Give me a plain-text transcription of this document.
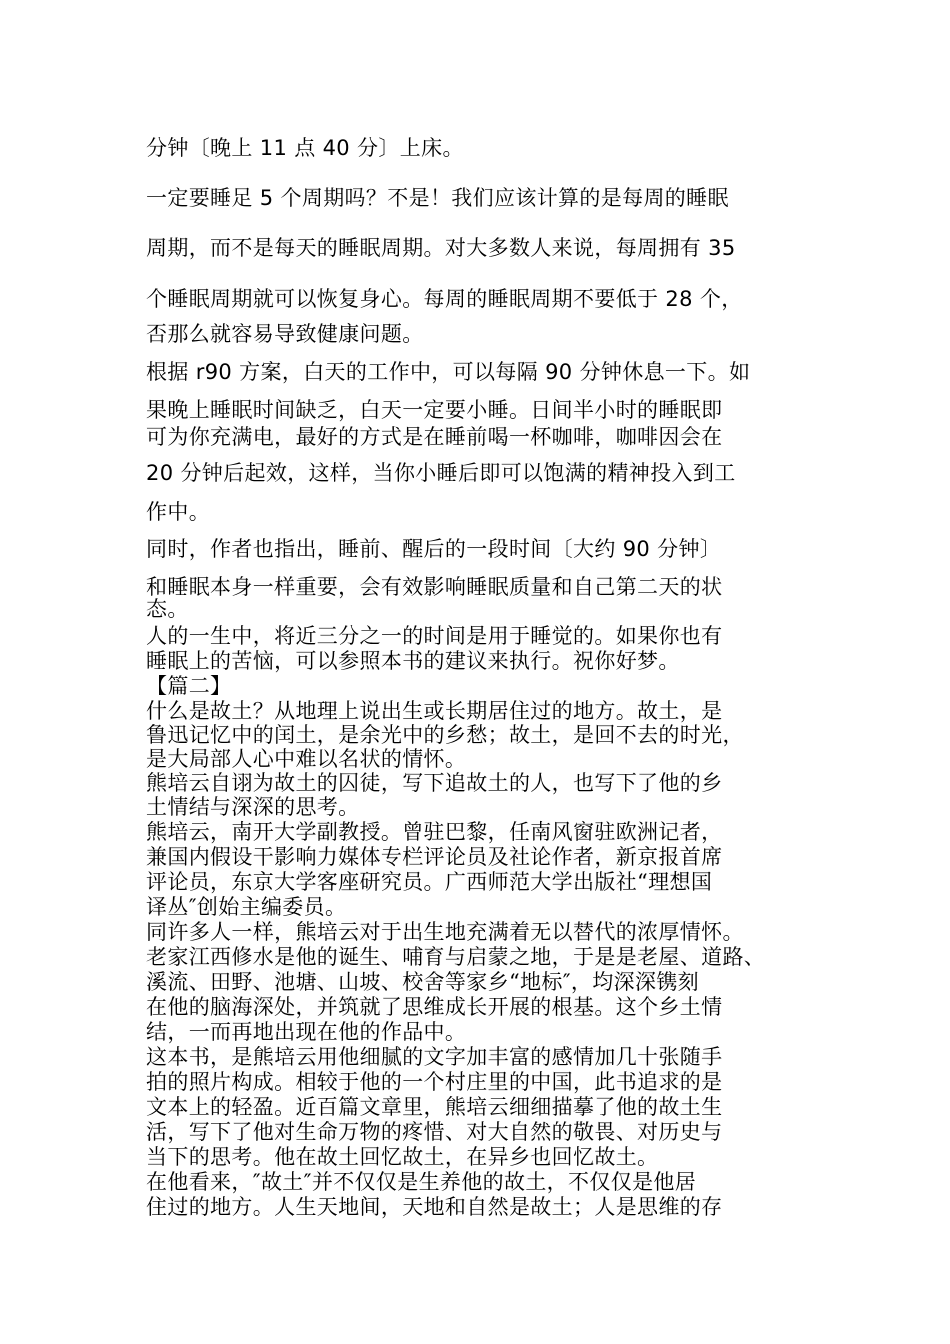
分钟〔晚上 11 点 40 分〕上床。
一定要睡足 5 个周期吗？不是！我们应该计算的是每周的睡眠
周期，而不是每天的睡眠周期。对大多数人来说，每周拥有 35
个睡眠周期就可以恢复身心。每周的睡眠周期不要低于 28 个，
否那么就容易导致健康问题。
根据 r90 方案，白天的工作中，可以每隔 90 分钟休息一下。如
果晚上睡眠时间缺乏，白天一定要小睡。日间半小时的睡眠即
可为你充满电，最好的方式是在睡前喝一杯咖啡，咖啡因会在
20 分钟后起效，这样，当你小睡后即可以饱满的精神投入到工
作中。
同时，作者也指出，睡前、醒后的一段时间〔大约 90 分钟〕
和睡眠本身一样重要，会有效影响睡眠质量和自己第二天的状
态。
人的一生中，将近三分之一的时间是用于睡觉的。如果你也有
睡眠上的苦恼，可以参照本书的建议来执行。祝你好梦。
【篇二】
什么是故土？从地理上说出生或长期居住过的地方。故土，是
鲁迅记忆中的闰土，是余光中的乡愁；故土，是回不去的时光，
是大局部人心中难以名状的情怀。
熊培云自诩为故土的囚徒，写下追故土的人，也写下了他的乡
土情结与深深的思考。
熊培云，南开大学副教授。曾驻巴黎，任南风窗驻欧洲记者，
兼国内假设干影响力媒体专栏评论员及社论作者，新京报首席
评论员，东京大学客座研究员。广西师范大学出版社“理想国
译丛″创始主编委员。
同许多人一样，熊培云对于出生地充满着无以替代的浓厚情怀。
老家江西修水是他的诞生、哺育与启蒙之地，于是是老屋、道路、
溪流、田野、池塘、山坡、校舍等家乡“地标″，均深深镌刻
在他的脑海深处，并筑就了思维成长开展的根基。这个乡土情
结，一而再地出现在他的作品中。
这本书，是熊培云用他细腻的文字加丰富的感情加几十张随手
拍的照片构成。相较于他的一个村庄里的中国，此书追求的是
文本上的轻盈。近百篇文章里，熊培云细细描摹了他的故土生
活，写下了他对生命万物的疼惜、对大自然的敬畏、对历史与
当下的思考。他在故土回忆故土，在异乡也回忆故土。
在他看来，″故土″并不仅仅是生养他的故土，不仅仅是他居
住过的地方。人生天地间，天地和自然是故土；人是思维的存
